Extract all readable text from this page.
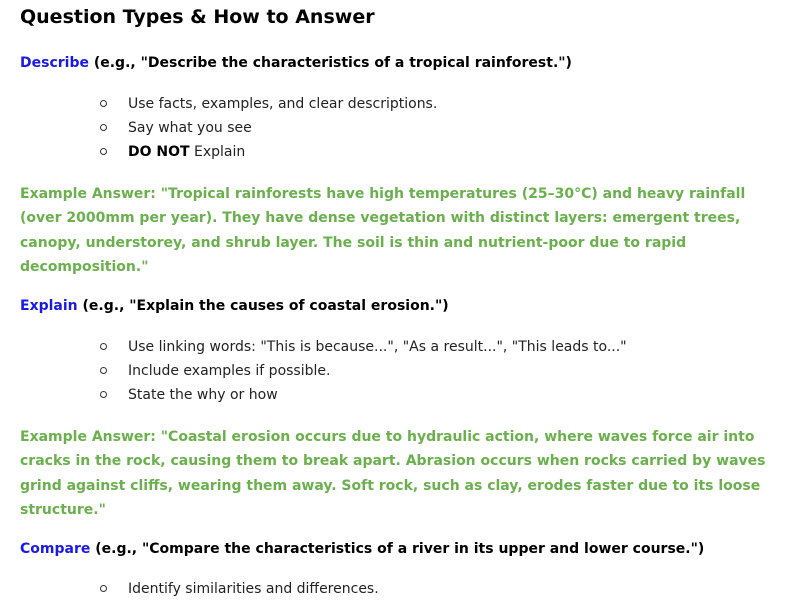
Question Types & How to Answer

Describe (e.g., "Describe the characteristics of a tropical rainforest.")

Use facts, examples, and clear descriptions.
Say what you see
DO NOT Explain

Example Answer: "Tropical rainforests have high temperatures (25–30°C) and heavy rainfall (over 2000mm per year). They have dense vegetation with distinct layers: emergent trees, canopy, understorey, and shrub layer. The soil is thin and nutrient-poor due to rapid decomposition."

Explain (e.g., "Explain the causes of coastal erosion.")

Use linking words: "This is because...", "As a result...", "This leads to..."
Include examples if possible.
State the why or how

Example Answer: "Coastal erosion occurs due to hydraulic action, where waves force air into cracks in the rock, causing them to break apart. Abrasion occurs when rocks carried by waves grind against cliffs, wearing them away. Soft rock, such as clay, erodes faster due to its loose structure."

Compare (e.g., "Compare the characteristics of a river in its upper and lower course.")

Identify similarities and differences.
